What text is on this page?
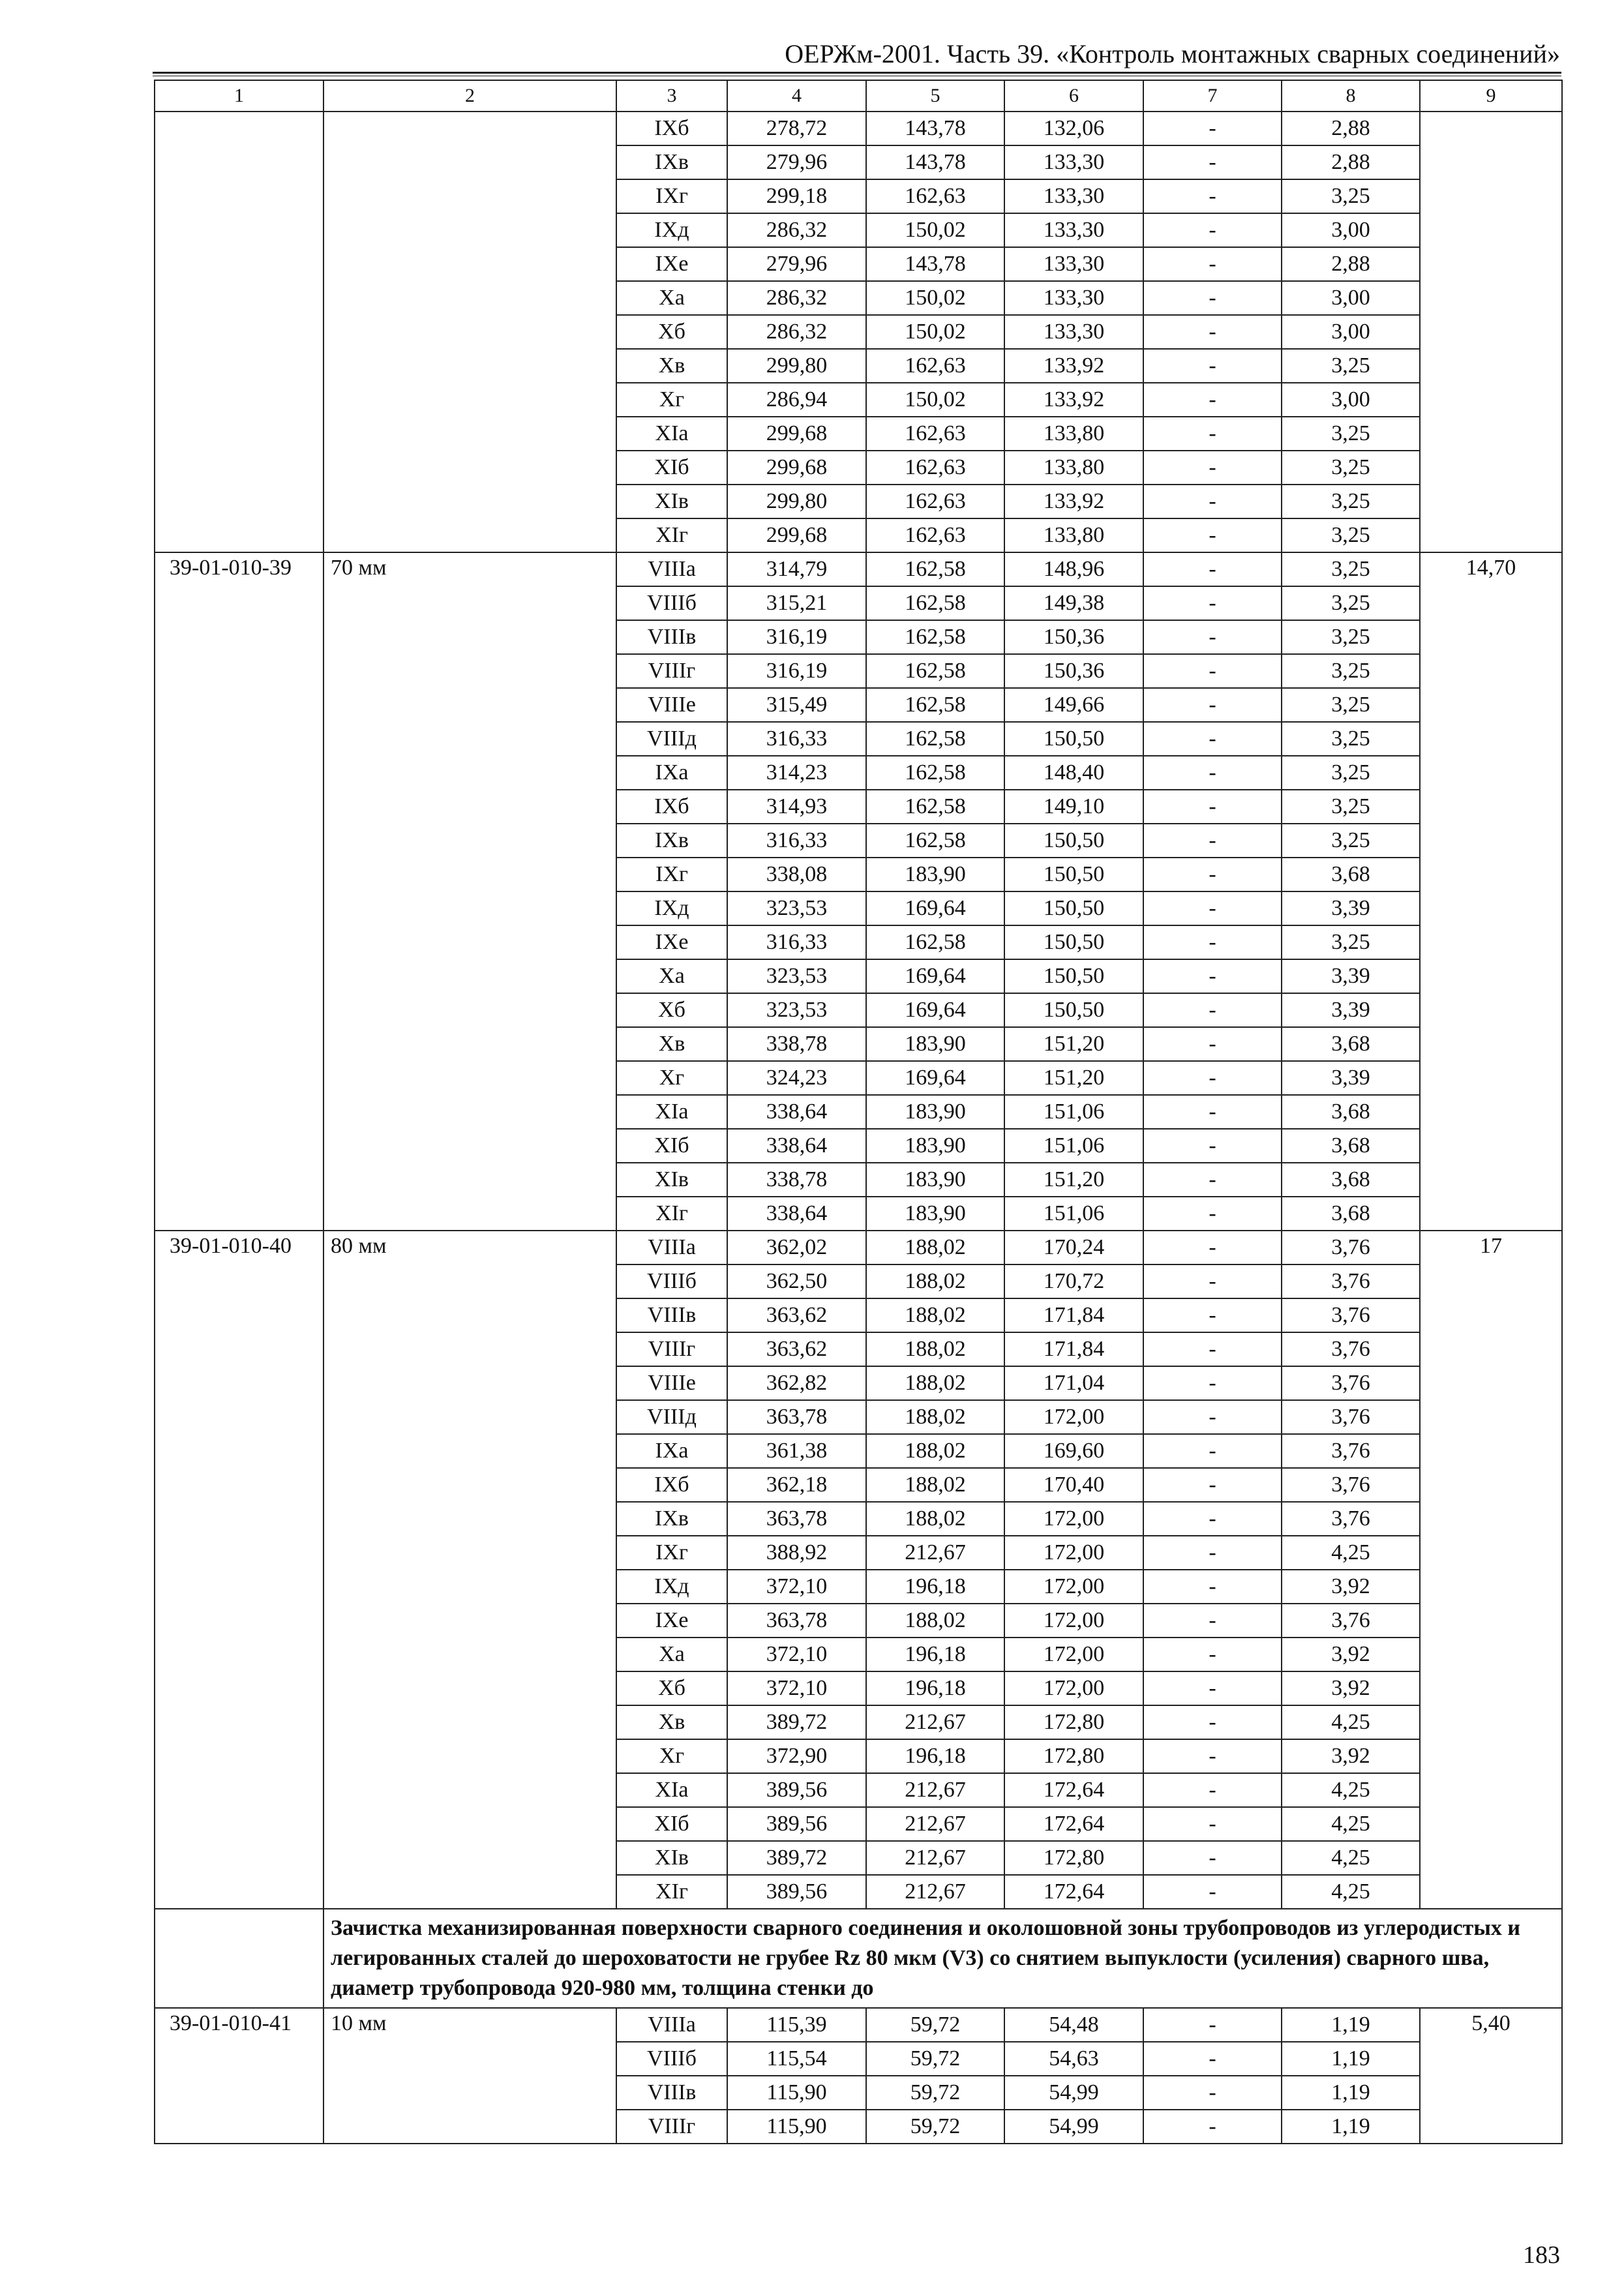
ОЕРЖм-2001. Часть 39. «Контроль монтажных сварных соединений»
1	2	3	4	5	6	7	8	9
		IXб	278,72	143,78	132,06	-	2,88	
		IXв	279,96	143,78	133,30	-	2,88	
		IXг	299,18	162,63	133,30	-	3,25	
		IXд	286,32	150,02	133,30	-	3,00	
		IXе	279,96	143,78	133,30	-	2,88	
		Xа	286,32	150,02	133,30	-	3,00	
		Xб	286,32	150,02	133,30	-	3,00	
		Xв	299,80	162,63	133,92	-	3,25	
		Xг	286,94	150,02	133,92	-	3,00	
		XIа	299,68	162,63	133,80	-	3,25	
		XIб	299,68	162,63	133,80	-	3,25	
		XIв	299,80	162,63	133,92	-	3,25	
		XIг	299,68	162,63	133,80	-	3,25	
39-01-010-39	70 мм	VIIIа	314,79	162,58	148,96	-	3,25	14,70
		VIIIб	315,21	162,58	149,38	-	3,25	
		VIIIв	316,19	162,58	150,36	-	3,25	
		VIIIг	316,19	162,58	150,36	-	3,25	
		VIIIе	315,49	162,58	149,66	-	3,25	
		VIIIд	316,33	162,58	150,50	-	3,25	
		IXа	314,23	162,58	148,40	-	3,25	
		IXб	314,93	162,58	149,10	-	3,25	
		IXв	316,33	162,58	150,50	-	3,25	
		IXг	338,08	183,90	150,50	-	3,68	
		IXд	323,53	169,64	150,50	-	3,39	
		IXе	316,33	162,58	150,50	-	3,25	
		Xа	323,53	169,64	150,50	-	3,39	
		Xб	323,53	169,64	150,50	-	3,39	
		Xв	338,78	183,90	151,20	-	3,68	
		Xг	324,23	169,64	151,20	-	3,39	
		XIа	338,64	183,90	151,06	-	3,68	
		XIб	338,64	183,90	151,06	-	3,68	
		XIв	338,78	183,90	151,20	-	3,68	
		XIг	338,64	183,90	151,06	-	3,68	
39-01-010-40	80 мм	VIIIа	362,02	188,02	170,24	-	3,76	17
		VIIIб	362,50	188,02	170,72	-	3,76	
		VIIIв	363,62	188,02	171,84	-	3,76	
		VIIIг	363,62	188,02	171,84	-	3,76	
		VIIIе	362,82	188,02	171,04	-	3,76	
		VIIIд	363,78	188,02	172,00	-	3,76	
		IXа	361,38	188,02	169,60	-	3,76	
		IXб	362,18	188,02	170,40	-	3,76	
		IXв	363,78	188,02	172,00	-	3,76	
		IXг	388,92	212,67	172,00	-	4,25	
		IXд	372,10	196,18	172,00	-	3,92	
		IXе	363,78	188,02	172,00	-	3,76	
		Xа	372,10	196,18	172,00	-	3,92	
		Xб	372,10	196,18	172,00	-	3,92	
		Xв	389,72	212,67	172,80	-	4,25	
		Xг	372,90	196,18	172,80	-	3,92	
		XIа	389,56	212,67	172,64	-	4,25	
		XIб	389,56	212,67	172,64	-	4,25	
		XIв	389,72	212,67	172,80	-	4,25	
		XIг	389,56	212,67	172,64	-	4,25	
	Зачистка механизированная поверхности сварного соединения и околошовной зоны трубопроводов из углеродистых и легированных сталей до шероховатости не грубее Rz 80 мкм (V3) со снятием выпуклости (усиления) сварного шва, диаметр трубопровода 920-980 мм, толщина стенки до							
39-01-010-41	10 мм	VIIIа	115,39	59,72	54,48	-	1,19	5,40
		VIIIб	115,54	59,72	54,63	-	1,19	
		VIIIв	115,90	59,72	54,99	-	1,19	
		VIIIг	115,90	59,72	54,99	-	1,19	
183
